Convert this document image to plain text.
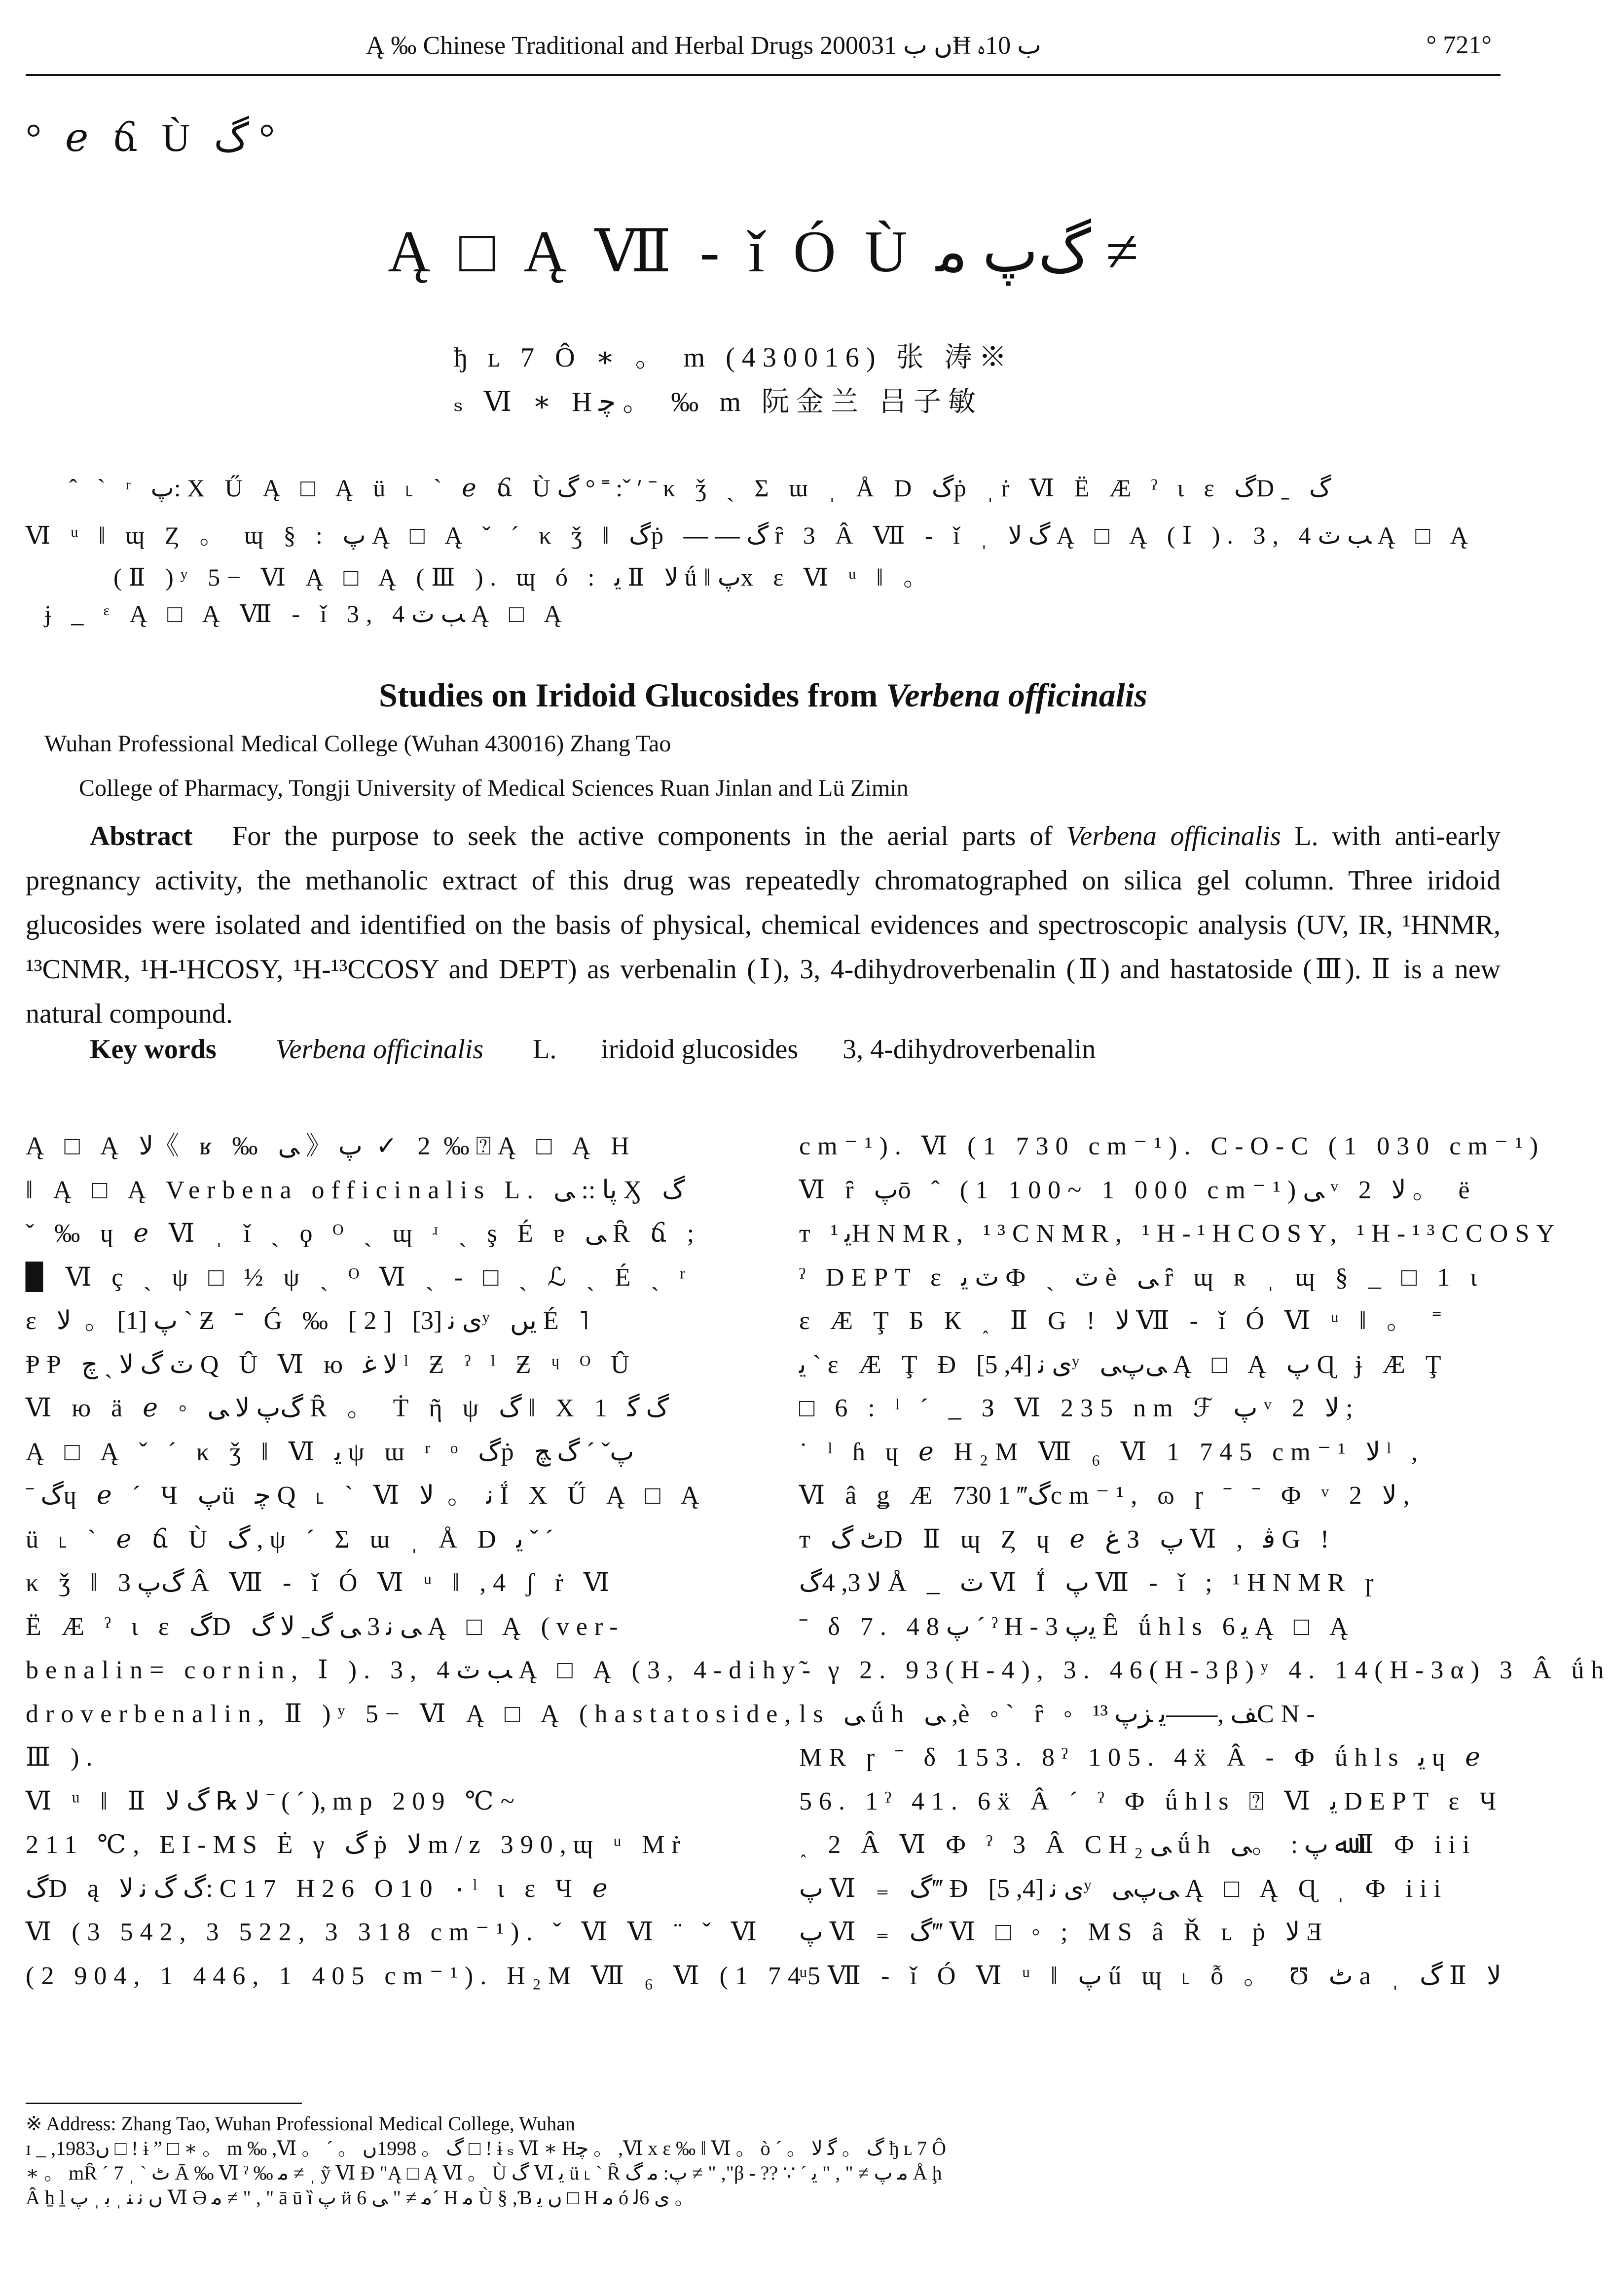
Ą ‰ Chinese Traditional and Herbal Drugs 2000ں ب 31Ħ ب 10ﮦ	° 721°
° ℯ ճ Ù ﮒ °
Ą □ Ą Ⅶ ‐ ǐ Ó Ù ﮒپ ﻣ ≠
ђ ʟ 7 Ô ∗ 。 m (430016) 张 涛※
ₛ Ⅵ ∗ Hﭼ 。 ‰ m 阮金兰 吕子敏
ˆ ˋ ʳ پ: X Ű Ą □ Ą ü ˪ ˋ ℯ ճ Ùﮒ ° ˭ :ˇ ʹ ˉ κ ǯ ˏ Σ ɯ ˌ Å D ﮒṗ ˌṙ Ⅵ Ё Æ ˀ ɩ ɛ ﮒDˍ ﮒ
Ⅵ ᵘ ǁ ɰ Ȥ 。 ɰ § : پ Ą □ Ą ˇ ˊ κ ǯ ǁ ﮒṗ ——ﮒ ȓ 3 Â Ⅶ ‐ ǐ ˌ ﮒ ﻻ Ą □ Ą (Ⅰ ). 3, 4ﺐ ٽ Ą □ Ą
(Ⅱ )ʸ 5− Ⅵ Ą □ Ą (Ⅲ ). ɰ ó : ﻳ Ⅱ ﻻ ǘǁپx ε Ⅵ ᵘ ǁ 。
ɉ _ ᵋ Ą □ Ą Ⅶ ‐ ǐ 3, 4ﺐ ٽ Ą □ Ą
Studies on Iridoid Glucosides from Verbena officinalis
Wuhan Professional Medical College (Wuhan 430016) Zhang Tao
College of Pharmacy, Tongji University of Medical Sciences Ruan Jinlan and Lü Zimin
Abstract For the purpose to seek the active components in the aerial parts of Verbena officinalis L. with anti-early pregnancy activity, the methanolic extract of this drug was repeatedly chromatographed on silica gel column. Three iridoid glucosides were isolated and identified on the basis of physical, chemical evidences and spectroscopic analysis (UV, IR, ¹HNMR, ¹³CNMR, ¹H-¹HCOSY, ¹H-¹³CCOSY and DEPT) as verbenalin (Ⅰ), 3, 4-dihydroverbenalin (Ⅱ) and hastatoside (Ⅲ). Ⅱ is a new natural compound.
Key words Verbena officinalis L. iridoid glucosides 3, 4-dihydroverbenalin
Ą □ Ą ﻻ《 ʁ ‰ ﯽ 》2 ✓ پ ‰ ⍰ Ą □ Ą H
ǁ Ą □ Ą Verbena officinalis L. پا :: ﯽ Ӽ ﮒ
ˇ ‰ ɥ ℯ Ⅵ ˌ ǐ ˎ ϙ ᴼ ˎ ɰ ʴ ˎ ş É ɐ ﯽ Ȓ ճ ;
▉ Ⅵ ç ˎ ψ □ ½ ψ ˎ ᴼ Ⅵ ˎ - □ ˎ ℒ ˎ É ˏ ʳ
ε پ [1]。 ﻻ ˋ Ƶ ˉ Ǵ ‰ [2] ﯼ ﻧ [3]ʸ ﻳﮟ É ˥
ⱣⱣ ٽ ﮒ ﻻ ˎ ﭺ Q Û Ⅵ ю ﻻ ﻏ ˡ Ƶ ˀ ˡ Ƶ ᶣ ᴼ Û
Ⅵ ю ä ℯ ◦ ﮒپ ﻻ ﯽ Ȓ 。 Ṫ ῆ ψ ﮒ ǁ X 1 ﮒ ﮔ
Ą □ Ą ˇ ˊ κ ǯ ǁ Ⅵ ﻳ ψ ɯ ʳ ᵒ ﮒṗ پˇ ˊ ﮒ ﭻ
ˉ ﮒɥ ℯ ˊ Ч پü ﭼ Q ˪ ˋ Ⅵ ﻧ 。 ﻻ Ḯ X Ű Ą □ Ą
ü ˪ ˋ ℯ ճ Ù ﮒ , ψ ˊ Σ ɯ ˌ Å D ﻳ ˇ ˊ
κ ǯ ǁ ﮒپ 3 Â Ⅶ ‐ ǐ Ó Ⅵ ᵘ ǁ ,4 ʃ ṙ Ⅵ
Ё Æ ˀ ɩ ɛ ﮒD ﯽ ﻧ 3 ﯽ ﮒˍ ﻻ ﮒ Ą □ Ą (ver-
benalin= cornin, Ⅰ ). 3, 4ﺐ ٽ Ą □ Ą (3, 4-dihy-
droverbenalin, Ⅱ )ʸ 5− Ⅵ Ą □ Ą (hastatoside,
Ⅲ ).
Ⅵ ᵘ ǁ Ⅱ ﻻ ℞ ﮒ ﻻ ˉ ( ˊ ), mp 209 ℃~
211 ℃, EI-MS Ė γ ﮒ ṗ ﻻ m/z 390,ɰ ᵘ Mṙ
ﮒD ą ﮒ ﮒ ﻧ ﻻ: C17 H26 O10 ٠ ˡ ɩ ɛ Ч ℯ
Ⅵ (3 542, 3 522, 3 318 cm⁻¹). ˇ Ⅵ Ⅵ ¨ ˇ Ⅵ
(2 904, 1 446, 1 405 cm⁻¹). H₂M Ⅶ ₆ Ⅵ (1 745
cm⁻¹). Ⅵ (1 730 cm⁻¹). C-O-C (1 030 cm⁻¹)
Ⅵ ȓ پō ˆ (1 100~ 1 000 cm⁻¹)ﯽ ᵛ 2 ﻻ 。 ë
ᴛ ﻳ ¹HNMR, ¹³CNMR, ¹H-¹HCOSY, ¹H-¹³CCOSY
ˀ DEPT ɛ ٽ ﻳ Ф ˎ ٽ è ﯽ ȓ ɰ ʀ ˌ ɰ § _ □ 1 ɩ
ɛ Æ Ţ Б К ˰ Ⅱ G ǃ ﻻ Ⅶ ‐ ǐ Ó Ⅵ ᵘ ǁ 。 ˭
ﻳ ˋ ɛ Æ Ţ Ɖ ﯼ ﻧ [4, 5]ʸ ﯽپﯽ Ą □ Ą پ Ɋ ɉ Æ Ţ
□ 6 : ˡ ˊ _ З Ⅵ 235 nm ℱ پ ᵛ 2 ﻻ ;
˙ ˡ ɦ ɥ ℯ H₂M Ⅶ ₆ Ⅵ 1 745 cm⁻¹ ﻻ ˡ ,
Ⅵ â ǥ Æ ﮒ‴ 1 730cm⁻¹, ɷ ɼ ˉ ˉ Ф ᵛ 2 ﻻ ,
ᴛ ٹ ﮒD Ⅱ ɰ Ȥ ɥ ℯ ﻍ З پ Ⅵ , ﭬ G ǃ
ﻻ 3, 4ﮒ Å _ ٽ Ⅵ Ḯ پ Ⅶ ‐ ǐ ; ¹HNMR ɼ
ˉ δ 7. 48پ ˊ ˀ H-3ﻳپ Ȇ ǘhls ﻳ 6 Ą □ Ą
˜ γ 2. 93(H-4), 3. 46(H-3β)ʸ 4. 14(H-3α) 3 Â ǘh
ls ﯽ ǘh ﯽ ,è ◦ˋ ȓ ◦ ﻒ ,——ﻳ ﺰپ ¹³CN-
MR ɼ ˉ δ 153. 8ˀ 105. 4ẍ Â ‐ Ф ǘhls ﻳ ɥ ℯ
56. 1ˀ 41. 6ẍ Â ˊ ˀ Ф ǘhls ⍰ Ⅵ ﻳ DEPT ɛ Ч
˰ 2 Â Ⅵ Ф ˀ 3 Â CH₂ﯽ ǘh ﷲ پ : 。ﯽ Ⅱ Ф iii
پ Ⅵ ₌ ﮒ‴ Ɖ ﯼ ﻧ [4, 5]ʸ ﯽپﯽ Ą □ Ą Ɋ ˌ Ф iii
پ Ⅵ ₌ ﮒ‴ Ⅵ □ ◦ ; MS â Ř ʟ ṗ ﻻ Ǝ
ᵘ Ⅶ ‐ ǐ Ó Ⅵ ᵘ ǁ پ ű ɰ ˪ ỗ 。 Ʊ ٹ a ˌ ﮒ Ⅱ ﻻ
※ Address: Zhang Tao, Wuhan Professional Medical College, Wuhan
ɪ _ ,1983ں □ ǃ ɨ ˮ □ ∗ 。 m ‰ ,Ⅵ 。 ˊ 。 ﮒ 。 1998ں □ ǃ ɨ ₛ Ⅵ ∗ Hﭼ 。 ,Ⅵ x ε ‰ ǁ Ⅵ 。 ò ˊ 。 ﮒ 。 ﮔ ﻻ ђ ʟ 7 Ô
∗ 。 mȒ ˊ 7 ˌ ˋ ٹ Ā ‰ Ⅵ ˀ ‰ ﻣ ≠ ˌ ỹ Ⅵ Ɖ "Ą □ Ą Ⅵ 。 Ù ﮒ Ⅵ ﻳ ü ˪ ˋ Ȓ پ: ﻣ ﮒ ≠ " ,"β - ?? ∵ ˊ ﻣ پ ≠ " , " ﻳ Å ḩ
Â ẖ ḻ ں ﻧ ﻨ ˌ ﺑ ˌ پ Ⅵ Ә ﻣ ≠ " , " ā ū ȉ پ ӥ ﻣ ≠ " ﯽ 6ˊ H ﻣ Ù § ,Ɓ ں ﻳ □ H ﻣ ó ﯼ 6ﻟ 。
